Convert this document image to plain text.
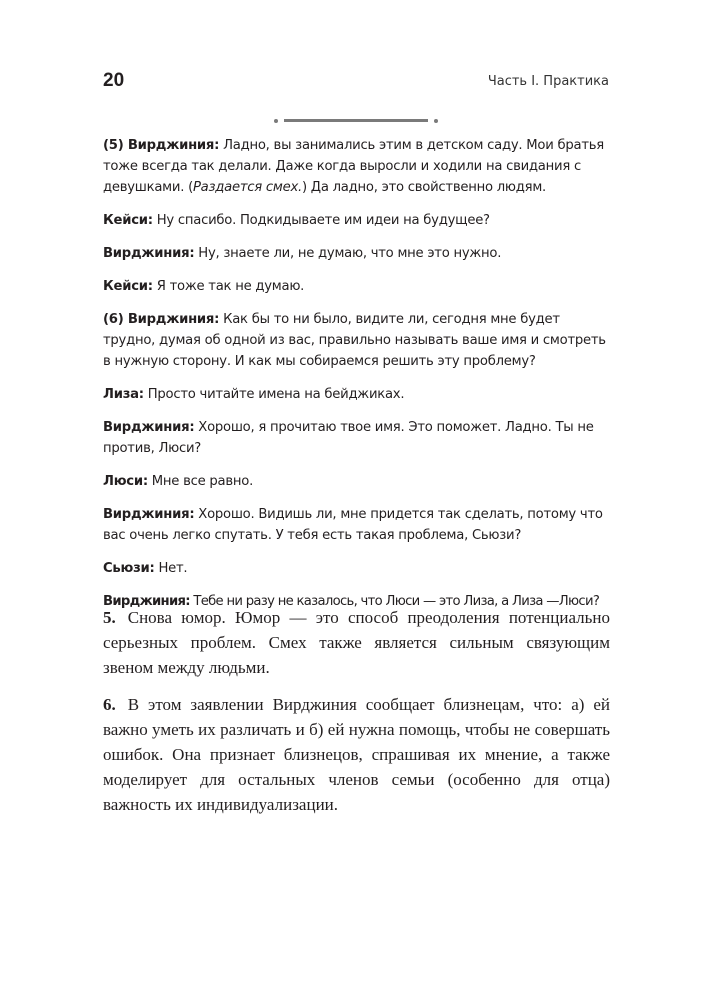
20	Часть I. Практика

(5) Вирджиния: Ладно, вы занимались этим в детском саду. Мои братья тоже всегда так делали. Даже когда выросли и ходили на свидания с девушками. (Раздается смех.) Да ладно, это свойственно людям.

Кейси: Ну спасибо. Подкидываете им идеи на будущее?

Вирджиния: Ну, знаете ли, не думаю, что мне это нужно.

Кейси: Я тоже так не думаю.

(6) Вирджиния: Как бы то ни было, видите ли, сегодня мне будет трудно, думая об одной из вас, правильно называть ваше имя и смотреть в нужную сторону. И как мы собираемся решить эту проблему?

Лиза: Просто читайте имена на бейджиках.

Вирджиния: Хорошо, я прочитаю твое имя. Это поможет. Ладно. Ты не против, Люси?

Люси: Мне все равно.

Вирджиния: Хорошо. Видишь ли, мне придется так сделать, потому что вас очень легко спутать. У тебя есть такая проблема, Сьюзи?

Сьюзи: Нет.

Вирджиния: Тебе ни разу не казалось, что Люси — это Лиза, а Лиза —Люси?

5. Снова юмор. Юмор — это способ преодоления потенциально серьезных проблем. Смех также является сильным связующим звеном между людьми.

6. В этом заявлении Вирджиния сообщает близнецам, что: а) ей важно уметь их различать и б) ей нужна помощь, чтобы не совершать ошибок. Она признает близнецов, спрашивая их мнение, а также моделирует для остальных членов семьи (особенно для отца) важность их индивидуализации.
